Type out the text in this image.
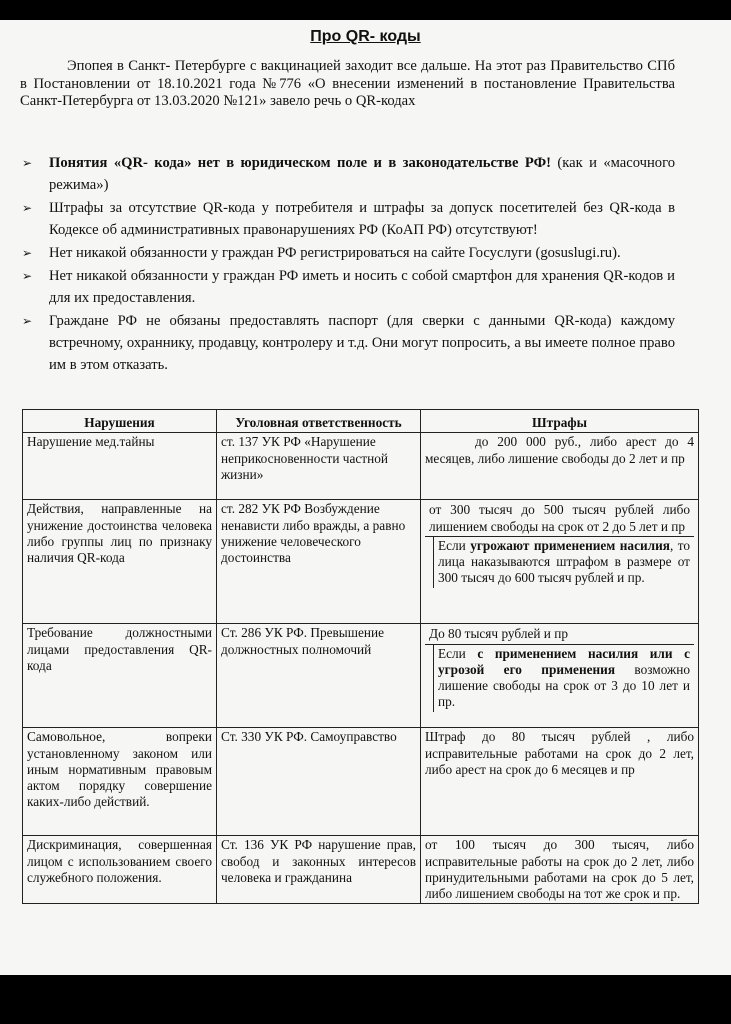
Про QR- коды
Эпопея в Санкт- Петербурге с вакцинацией заходит все дальше. На этот раз Правительство СПб в Постановлении от 18.10.2021 года №776 «О внесении изменений в постановление Правительства Санкт-Петербурга от 13.03.2020 №121» завело речь о QR-кодах
➢ Понятия «QR- кода» нет в юридическом поле и в законодательстве РФ! (как и «масочного режима»)
➢ Штрафы за отсутствие QR-кода у потребителя и штрафы за допуск посетителей без QR-кода в Кодексе об административных правонарушениях РФ (КоАП РФ) отсутствуют!
➢ Нет никакой обязанности у граждан РФ регистрироваться на сайте Госуслуги (gosuslugi.ru).
➢ Нет никакой обязанности у граждан РФ иметь и носить с собой смартфон для хранения QR-кодов и для их предоставления.
➢ Граждане РФ не обязаны предоставлять паспорт (для сверки с данными QR-кода) каждому встречному, охраннику, продавцу, контролеру и т.д. Они могут попросить, а вы имеете полное право им в этом отказать.
Нарушения	Уголовная ответственность	Штрафы
Нарушение мед.тайны	ст. 137 УК РФ «Нарушение неприкосновенности частной жизни»	до 200 000 руб., либо арест до 4 месяцев, либо лишение свободы до 2 лет и пр
Действия, направленные на унижение достоинства человека либо группы лиц по признаку наличия QR-кода	ст. 282 УК РФ Возбуждение ненависти либо вражды, а равно унижение человеческого достоинства	от 300 тысяч до 500 тысяч рублей либо лишением свободы на срок от 2 до 5 лет и пр
Если угрожают применением насилия, то лица наказываются штрафом в размере от 300 тысяч до 600 тысяч рублей и пр.

Требование должностными лицами предоставления QR-кода	Ст. 286 УК РФ. Превышение должностных полномочий	До 80 тысяч рублей и пр
Если с применением насилия или с угрозой его применения возможно лишение свободы на срок от 3 до 10 лет и пр.

Самовольное, вопреки установленному законом или иным нормативным правовым актом порядку совершение каких-либо действий.	Ст. 330 УК РФ. Самоуправство	Штраф до 80 тысяч рублей , либо исправительные работами на срок до 2 лет, либо арест на срок до 6 месяцев и пр
Дискриминация, совершенная лицом с использованием своего служебного положения.	Ст. 136 УК РФ нарушение прав, свобод и законных интересов человека и гражданина	от 100 тысяч до 300 тысяч, либо исправительные работы на срок до 2 лет, либо принудительными работами на срок до 5 лет, либо лишением свободы на тот же срок и пр.
